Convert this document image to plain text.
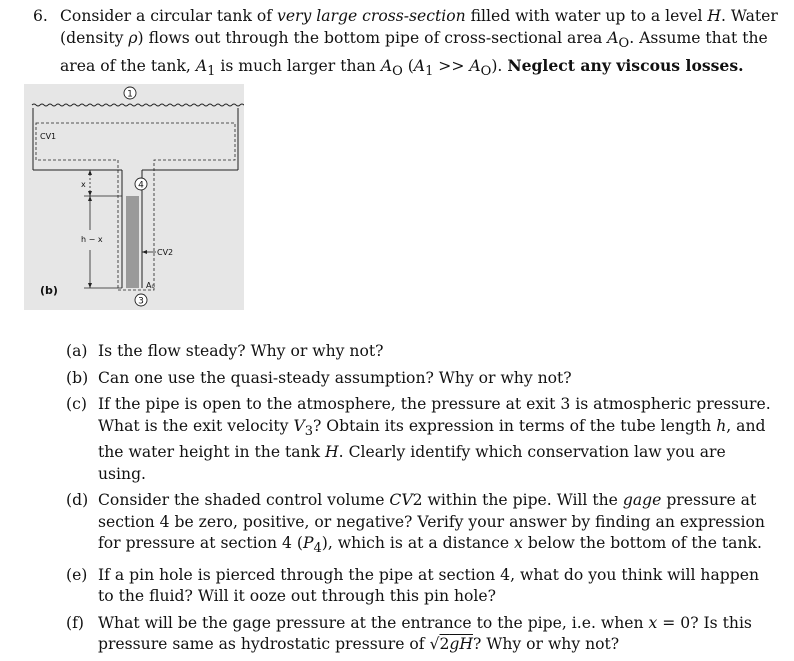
6. Consider a circular tank of very large cross-section filled with water up to a level H. Water (density ρ) flows out through the bottom pipe of cross-sectional area $A_O$. Assume that the area of the tank, $A_1$ is much larger than $A_O$ $(A_1 >> A_O)$. Neglect any viscous losses.
1
4
3
CV1
x
h − x
CV2
A₀
(b)
(a) Is the flow steady? Why or why not?
(b) Can one use the quasi-steady assumption? Why or why not?
(c) If the pipe is open to the atmosphere, the pressure at exit 3 is atmospheric pressure. What is the exit velocity $V_3$? Obtain its expression in terms of the tube length h, and the water height in the tank H. Clearly identify which conservation law you are using.
(d) Consider the shaded control volume CV2 within the pipe. Will the gage pressure at section 4 be zero, positive, or negative? Verify your answer by finding an expression for pressure at section 4 $(P_4)$, which is at a distance x below the bottom of the tank.
(e) If a pin hole is pierced through the pipe at section 4, what do you think will happen to the fluid? Will it ooze out through this pin hole?
(f) What will be the gage pressure at the entrance to the pipe, i.e. when x = 0? Is this pressure same as hydrostatic pressure of √2gH? Why or why not?
